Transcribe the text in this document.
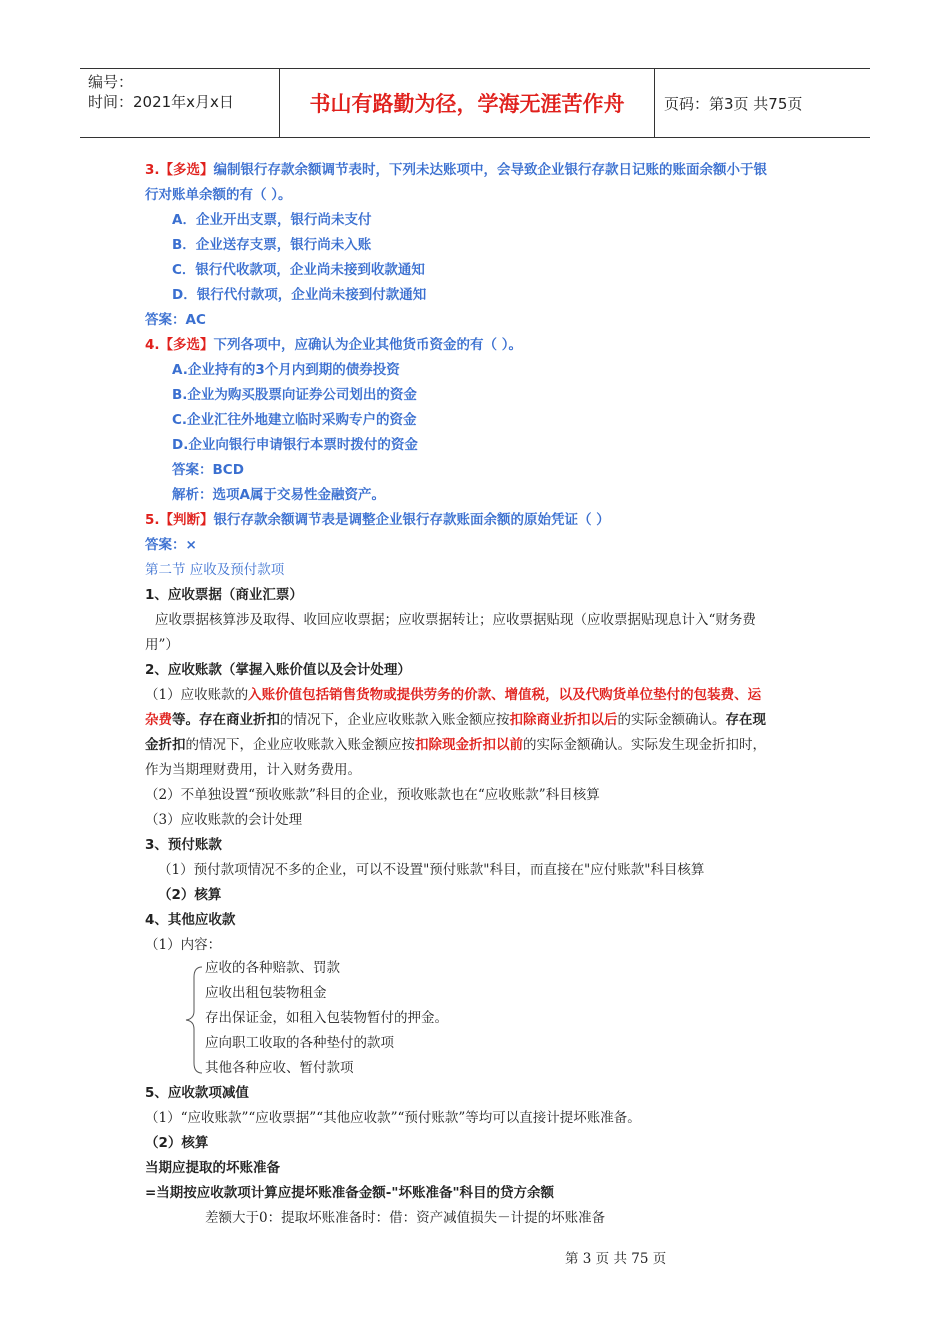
编号：
时间：2021年x月x日	书山有路勤为径，学海无涯苦作舟	页码：第3页 共75页
3.【多选】编制银行存款余额调节表时，下列未达账项中，会导致企业银行存款日记账的账面余额小于银
行对账单余额的有（ ）。
A．企业开出支票，银行尚未支付
B．企业送存支票，银行尚未入账
C．银行代收款项，企业尚未接到收款通知
D．银行代付款项，企业尚未接到付款通知
答案：AC
4.【多选】下列各项中，应确认为企业其他货币资金的有（ ）。
A.企业持有的3个月内到期的债券投资
B.企业为购买股票向证券公司划出的资金
C.企业汇往外地建立临时采购专户的资金
D.企业向银行申请银行本票时拨付的资金
答案：BCD
解析：选项A属于交易性金融资产。
5.【判断】银行存款余额调节表是调整企业银行存款账面余额的原始凭证（ ）
答案：×
第二节 应收及预付款项
1、应收票据（商业汇票）
应收票据核算涉及取得、收回应收票据；应收票据转让；应收票据贴现（应收票据贴现息计入“财务费
用”）
2、应收账款（掌握入账价值以及会计处理）
（1）应收账款的入账价值包括销售货物或提供劳务的价款、增值税，以及代购货单位垫付的包装费、运
杂费等。存在商业折扣的情况下，企业应收账款入账金额应按扣除商业折扣以后的实际金额确认。存在现
金折扣的情况下，企业应收账款入账金额应按扣除现金折扣以前的实际金额确认。实际发生现金折扣时，
作为当期理财费用，计入财务费用。
（2）不单独设置“预收账款”科目的企业，预收账款也在“应收账款”科目核算
（3）应收账款的会计处理
3、预付账款
（1）预付款项情况不多的企业，可以不设置"预付账款"科目，而直接在"应付账款"科目核算
（2）核算
4、其他应收款
（1）内容：
应收的各种赔款、罚款
应收出租包装物租金
存出保证金，如租入包装物暂付的押金。
应向职工收取的各种垫付的款项
其他各种应收、暂付款项
5、应收款项减值
（1）“应收账款”“应收票据”“其他应收款”“预付账款”等均可以直接计提坏账准备。
（2）核算
当期应提取的坏账准备
=当期按应收款项计算应提坏账准备金额-"坏账准备"科目的贷方余额
差额大于0：提取坏账准备时：借：资产减值损失－计提的坏账准备
第 3 页 共 75 页
